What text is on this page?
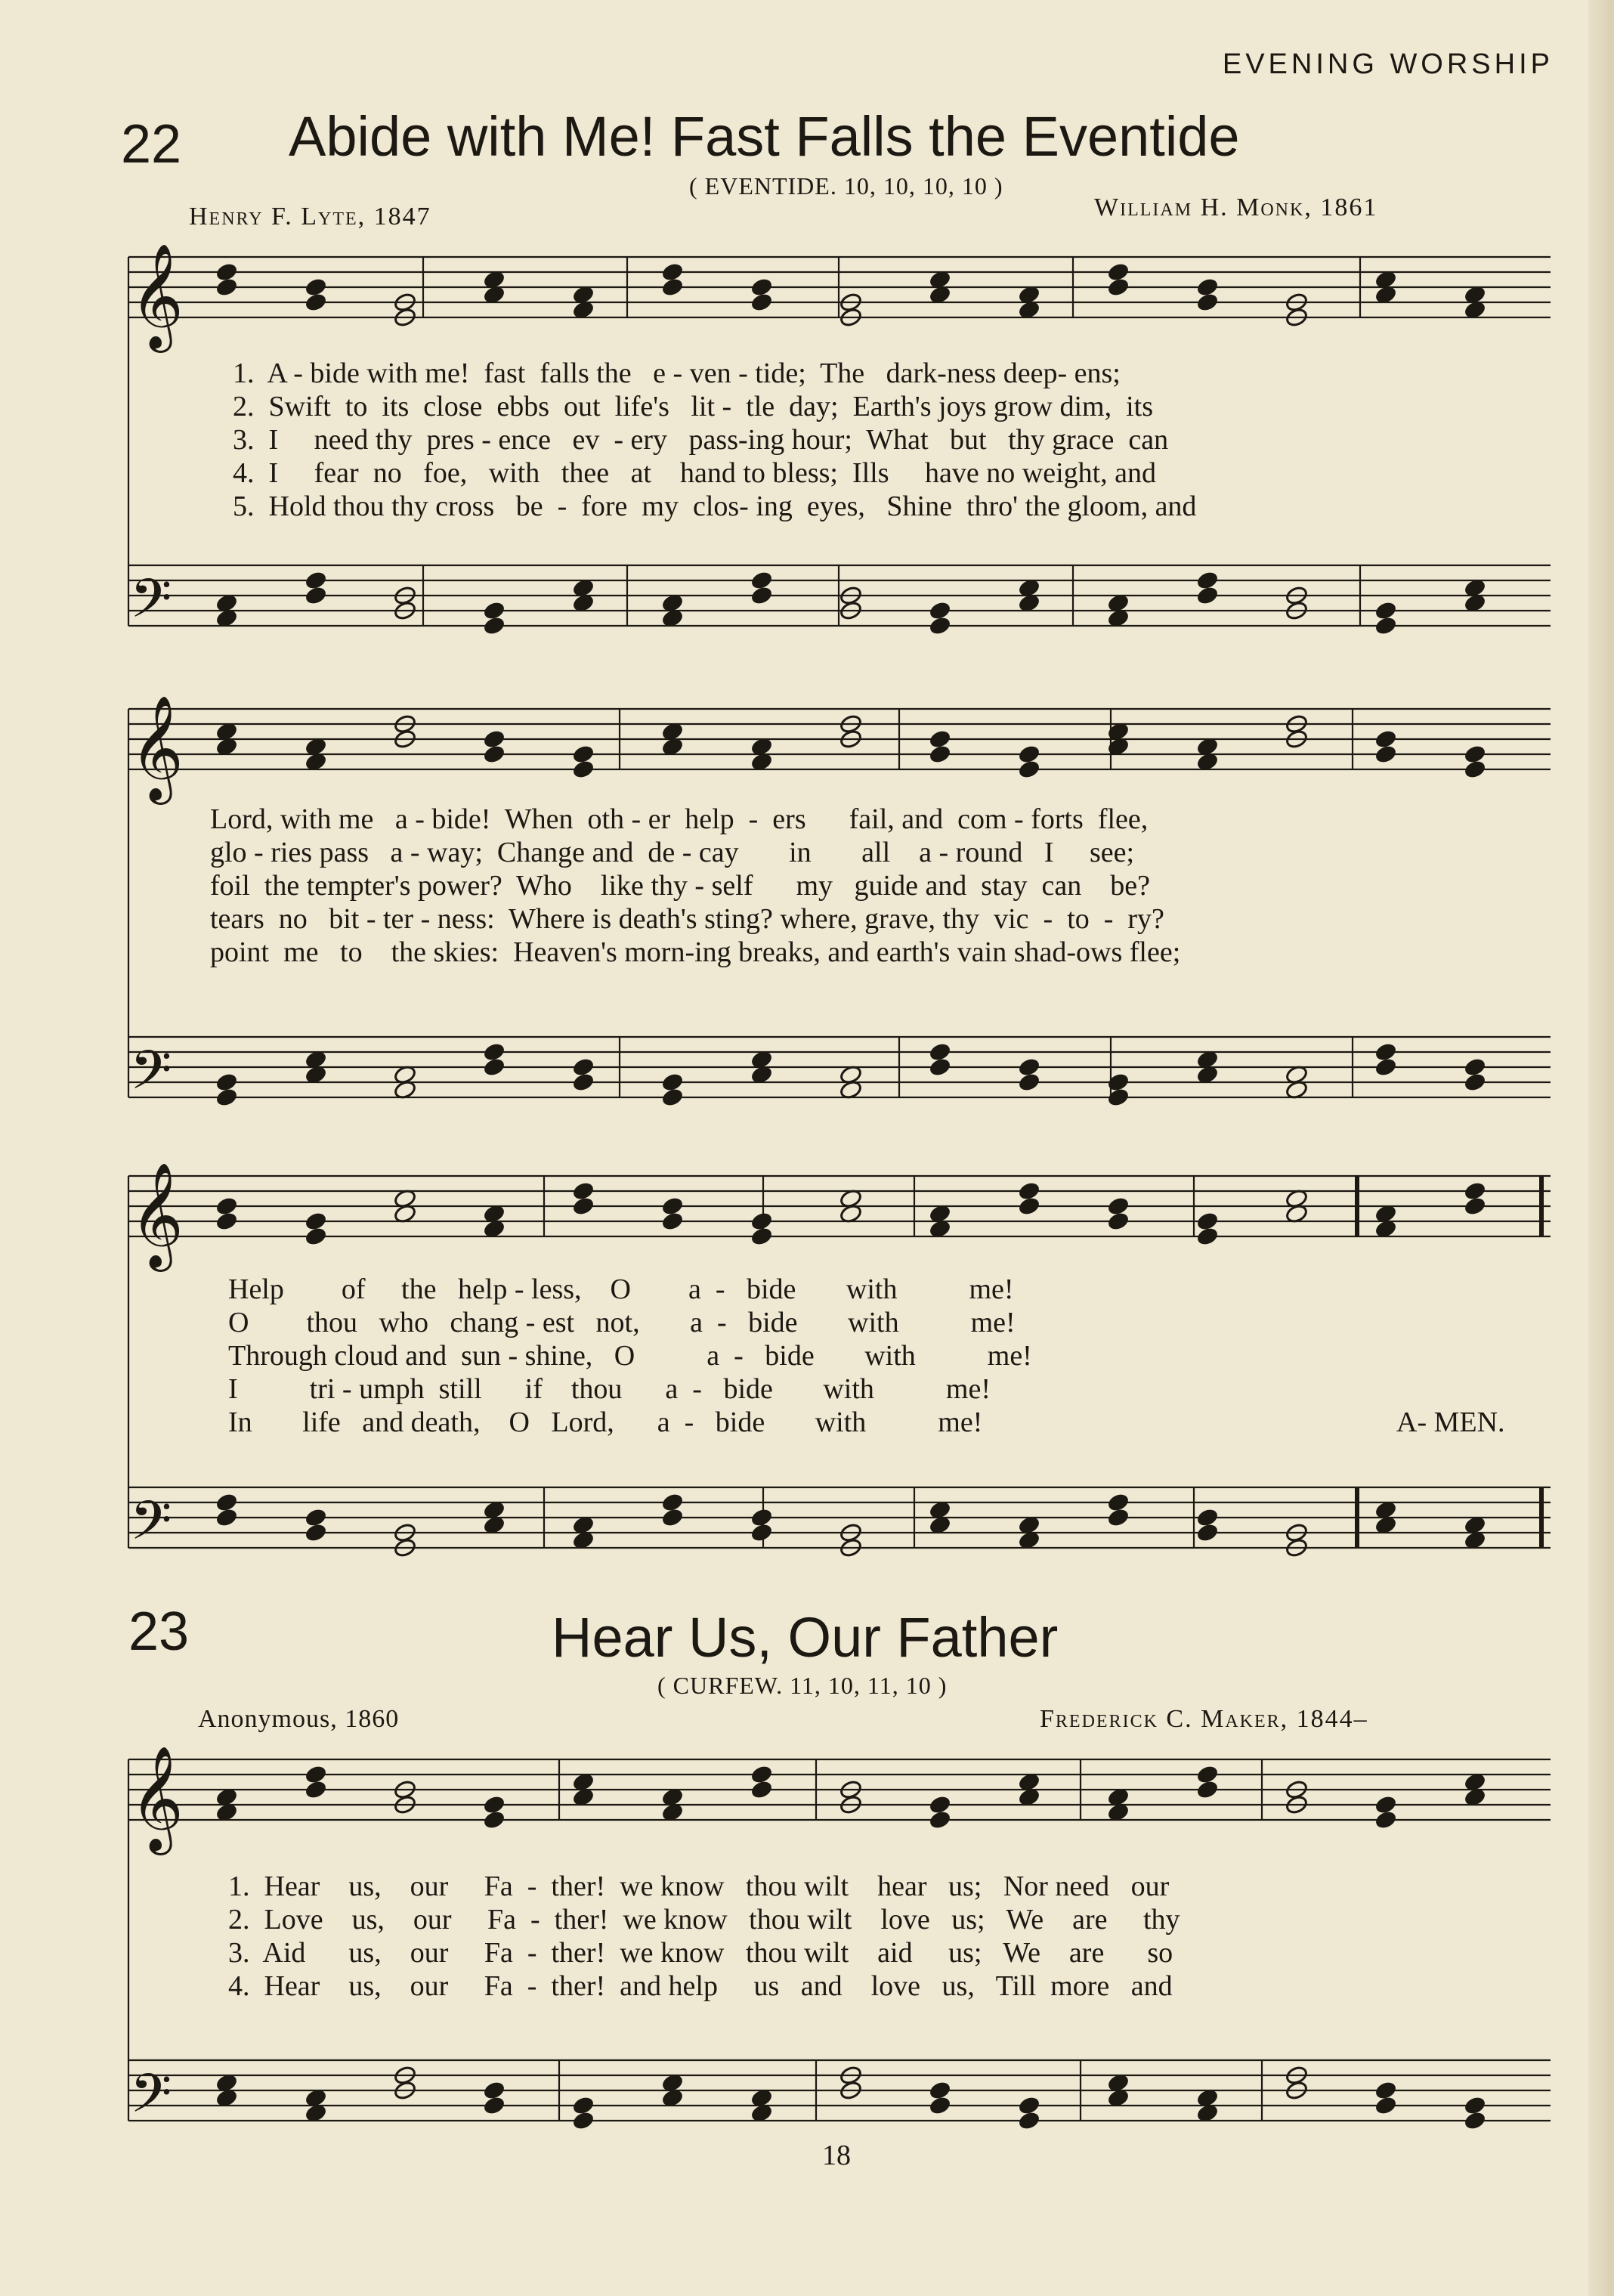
EVENING WORSHIP
22 Abide with Me! Fast Falls the Eventide
( EVENTIDE. 10, 10, 10, 10 )
Henry F. Lyte, 1847	William H. Monk, 1861
𝄞
𝄢
𝄞
𝄢
𝄞
𝄢
𝄞
𝄢
1.  A - bide with me!  fast  falls the   e - ven - tide;  The   dark-ness deep- ens;
2.  Swift  to  its  close  ebbs  out  life's   lit -  tle  day;  Earth's joys grow dim,  its
3.  I     need thy  pres - ence   ev  - ery   pass-ing hour;  What   but   thy grace  can
4.  I     fear  no   foe,   with   thee   at    hand to bless;  Ills     have no weight, and
5.  Hold thou thy cross   be  -  fore  my  clos- ing  eyes,   Shine  thro' the gloom, and
Lord, with me   a - bide!  When  oth - er  help  -  ers      fail, and  com - forts  flee,
glo - ries pass   a - way;  Change and  de - cay       in       all    a - round   I     see;
foil  the tempter's power?  Who    like thy - self      my   guide and  stay  can    be?
tears  no   bit - ter - ness:  Where is death's sting? where, grave, thy  vic  -  to  -  ry?
point  me   to    the skies:  Heaven's morn-ing breaks, and earth's vain shad-ows flee;
Help        of     the   help - less,    O        a  -   bide       with          me!
O        thou   who   chang - est   not,       a  -   bide       with          me!
Through cloud and  sun - shine,   O          a  -   bide       with          me!
I          tri - umph  still      if    thou      a  -   bide       with          me!
In       life   and death,    O   Lord,      a  -   bide       with          me!	A- MEN.
23	Hear Us, Our Father
( CURFEW. 11, 10, 11, 10 )
Anonymous, 1860	Frederick C. Maker, 1844–
1.  Hear    us,    our     Fa  -  ther!  we know   thou wilt    hear   us;   Nor need   our
2.  Love    us,    our     Fa  -  ther!  we know   thou wilt    love   us;   We    are     thy
3.  Aid      us,    our     Fa  -  ther!  we know   thou wilt    aid     us;   We    are      so
4.  Hear    us,    our     Fa  -  ther!  and help     us   and    love   us,   Till  more   and
18
